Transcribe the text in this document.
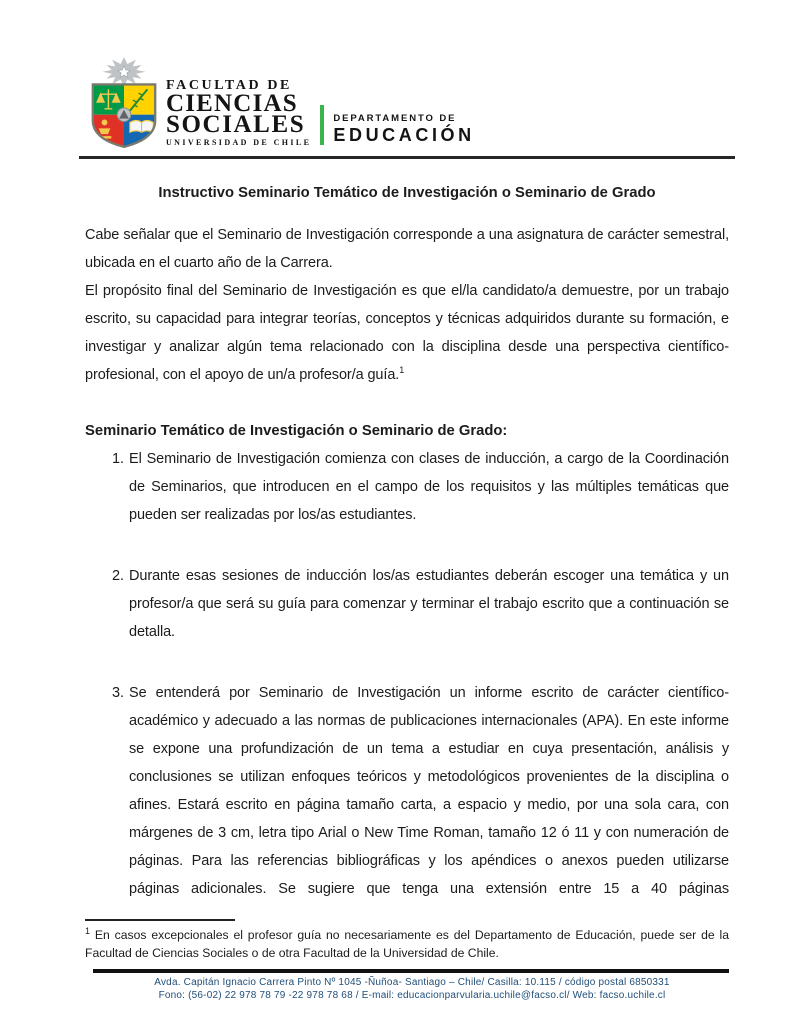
FACULTAD DE
CIENCIAS
SOCIALES
UNIVERSIDAD DE CHILE
DEPARTAMENTO DE
EDUCACIÓN
Instructivo Seminario Temático de Investigación o Seminario de Grado
Cabe señalar que el Seminario de Investigación corresponde a una asignatura de carácter semestral, ubicada en el cuarto año de la Carrera.
El propósito final del Seminario de Investigación es que el/la candidato/a demuestre, por un trabajo escrito, su capacidad para integrar teorías, conceptos y técnicas adquiridos durante su formación, e investigar y analizar algún tema relacionado con la disciplina desde una perspectiva científico-profesional, con el apoyo de un/a profesor/a guía.$^1$
Seminario Temático de Investigación o Seminario de Grado:
1. El Seminario de Investigación comienza con clases de inducción, a cargo de la Coordinación de Seminarios, que introducen en el campo de los requisitos y las múltiples temáticas que pueden ser realizadas por los/as estudiantes.
2. Durante esas sesiones de inducción los/as estudiantes deberán escoger una temática y un profesor/a que será su guía para comenzar y terminar el trabajo escrito que a continuación se detalla.
3. Se entenderá por Seminario de Investigación un informe escrito de carácter científico-académico y adecuado a las normas de publicaciones internacionales (APA). En este informe se expone una profundización de un tema a estudiar en cuya presentación, análisis y conclusiones se utilizan enfoques teóricos y metodológicos provenientes de la disciplina o afines. Estará escrito en página tamaño carta, a espacio y medio, por una sola cara, con márgenes de 3 cm, letra tipo Arial o New Time Roman, tamaño 12 ó 11 y con numeración de páginas. Para las referencias bibliográficas y los apéndices o anexos pueden utilizarse páginas adicionales. Se sugiere que tenga una extensión entre 15 a 40 páginas
$^1$ En casos excepcionales el profesor guía no necesariamente es del Departamento de Educación, puede ser de la Facultad de Ciencias Sociales o de otra Facultad de la Universidad de Chile.
Avda. Capitán Ignacio Carrera Pinto Nº 1045 -Ñuñoa- Santiago – Chile/ Casilla: 10.115 / código postal 6850331
Fono: (56-02) 22 978 78 79 -22 978 78 68 / E-mail: educacionparvularia.uchile@facso.cl/ Web: facso.uchile.cl
